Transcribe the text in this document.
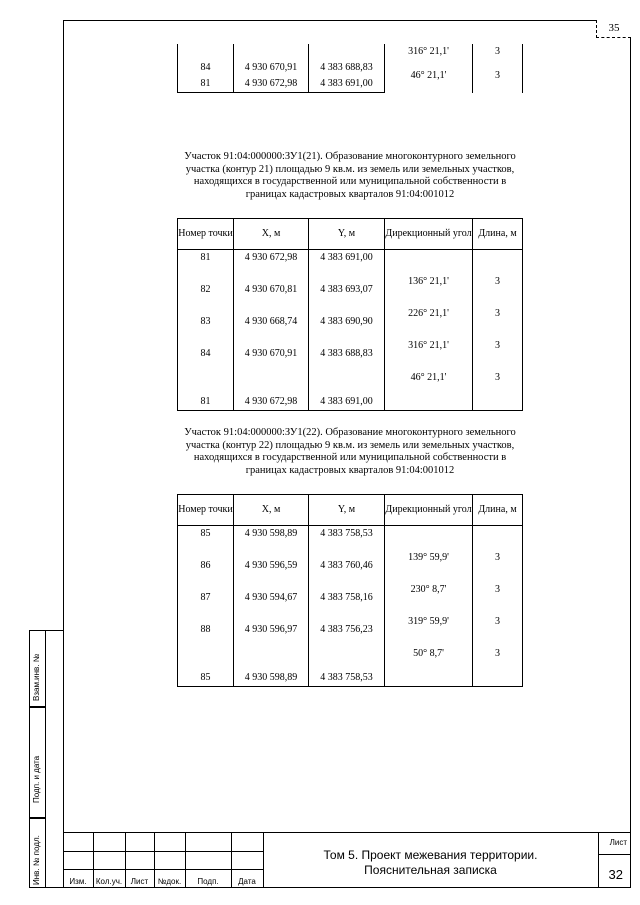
35
Взам.инв. №
Подп. и дата
Инв. № подл.
			316° 21,1'	3
84	4 930 670,91	4 383 688,83		
			46° 21,1'	3
81	4 930 672,98	4 383 691,00		
Участок 91:04:000000:ЗУ1(21). Образование многоконтурного земельного участка (контур 21) площадью 9 кв.м. из земель или земельных участков, находящихся в государственной или муниципальной собственности в границах кадастровых кварталов 91:04:001012
Номер точки	X, м	Y, м	Дирекционный угол	Длина, м
81	4 930 672,98	4 383 691,00		
			136° 21,1'	3
82	4 930 670,81	4 383 693,07		
			226° 21,1'	3
83	4 930 668,74	4 383 690,90		
			316° 21,1'	3
84	4 930 670,91	4 383 688,83		
			46° 21,1'	3

81	4 930 672,98	4 383 691,00		
Участок 91:04:000000:ЗУ1(22). Образование многоконтурного земельного участка (контур 22) площадью 9 кв.м. из земель или земельных участков, находящихся в государственной или муниципальной собственности в границах кадастровых кварталов 91:04:001012
Номер точки	X, м	Y, м	Дирекционный угол	Длина, м
85	4 930 598,89	4 383 758,53		
			139° 59,9'	3
86	4 930 596,59	4 383 760,46		
			230° 8,7'	3
87	4 930 594,67	4 383 758,16		
			319° 59,9'	3
88	4 930 596,97	4 383 756,23		
			50° 8,7'	3

85	4 930 598,89	4 383 758,53		
Изм.	Кол.уч.	Лист	№док.	Подп.	Дата
Том 5. Проект межевания территории.
Пояснительная записка
Лист
32
